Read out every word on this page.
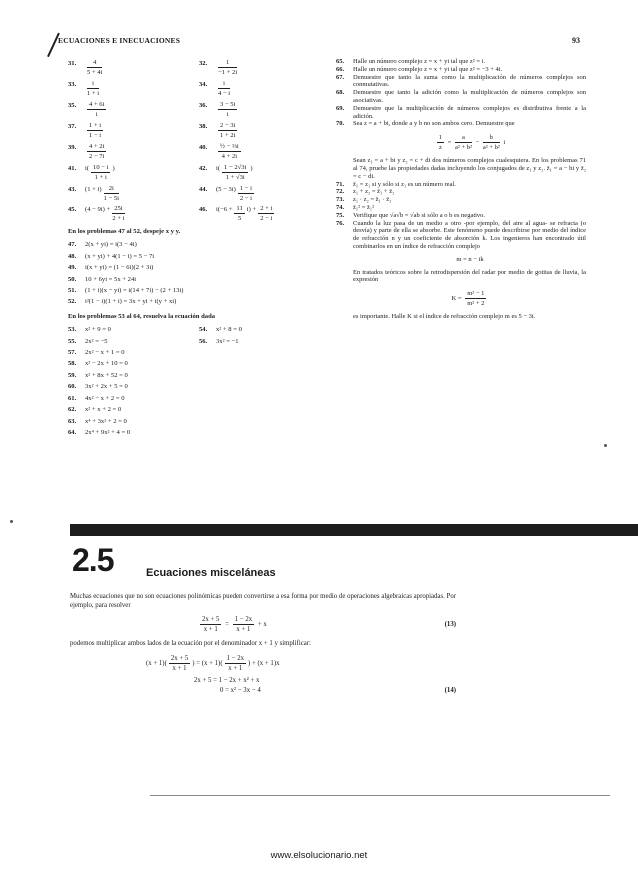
ECUACIONES E INECUACIONES	93
31.	$\frac{4}{5 + 4i}$	32.	$\frac{1}{-1 + 2i}$
33.	$\frac{i}{1 + i}$	34.	$\frac{i}{4 - i}$
35.	$\frac{4 + 6i}{i}$	36.	$\frac{3 - 5i}{i}$
37.	$\frac{1 + i}{1 - i}$	38.	$\frac{2 - 3i}{1 + 2i}$
39.	$\frac{4 + 2i}{2 - 7i}$	40.	$\frac{\text{½ − ⅔i}}{4 + 2i}$
41.	$i( \frac{10 - i}{1 + i}$ )	42.	$i( \frac{1 - 2√3i}{1 + √3i}$ )
43.	$(1 + i) \frac{2i}{1 - 5i}$	44.	$(5 - 3i) \frac{1 - i}{2 - i}$
45.	$(4 - 9i) + \frac{25i}{2 + i}$	46.	$i(-6 + \frac{11}{5} i) + \frac{2 + i}{2 - i}$
En los problemas 47 al 52, despeje x y y.
47.	2(x + yi) = i(3 − 4i)
48.	(x + yi) + 4(1 − i) = 5 − 7i
49.	i(x + yi) = (1 − 6i)(2 + 3i)
50.	10 + 6yi = 5x + 24i
51.	(1 + i)(x − yi) = i(14 + 7i) − (2 + 13i)
52.	i²(1 − i)(1 + i) = 3x + yi + i(y + xi)
En los problemas 53 al 64, resuelva la ecuación dada
53.	x² + 9 = 0	54.	x² + 8 = 0
55.	2x² = −5	56.	3x² = −1
57.	2x² − x + 1 = 0
58.	x² − 2x + 10 = 0
59.	x² + 8x + 52 = 0
60.	3x² + 2x + 5 = 0
61.	4x² − x + 2 = 0
62.	x² + x + 2 = 0
63.	x⁴ + 3x² + 2 = 0
64.	2x⁴ + 9x² + 4 = 0
65.	Halle un número complejo z = x + yi tal que z² = i.
66.	Halle un número complejo z = x + yi tal que z² = −3 + 4i.
67.	Demuestre que tanto la suma como la multiplicación de números complejos son conmutativas.
68.	Demuestre que tanto la adición como la multiplicación de números complejos son asociativas.
69.	Demuestre que la multiplicación de números complejos es distributiva frente a la adición.
70.	Sea z = a + bi, donde a y b no son ambos cero. Demuestre que
$\frac{1}{z} = \frac{a}{\text{a² + b²}} - \frac{b}{\text{a² + b²}}$ i
Sean z₁ = a + bi y z₂ = c + di dos números complejos cualesquiera. En los problemas 71 al 74, pruebe las propiedades dadas incluyendo los conjugados de z₁ y z₂. z̄₁ = a − bi y z̄₂ = c − di.
71.	z̄₁ = z₁ si y sólo si z₁ es un número real.
72.	z₁ + z₂ = z̄₁ + z̄₂
73.	z₁ · z₂ = z̄₁ · z̄₂
74.	z̄₁² = z̄₁²
75.	Verifique que √a√b = √ab si sólo a o b es negativo.
76.	Cuando la luz pasa de un medio a otro -por ejemplo, del aire al agua- se refracta (o desvía) y parte de ella se absorbe. Este fenómeno puede describirse por medio del índice de refracción n y un coeficiente de absorción k. Los ingenieros han encontrado útil combinarlos en un índice de refracción complejo
m = n − ik
En tratados teóricos sobre la retrodispersión del radar por medio de gotitas de lluvia, la expresión
$K = \frac{\text{m² − 1}}{\text{m² + 2}}$
es importante. Halle K si el índice de refracción complejo m es 5 − 3i.
2.5	Ecuaciones misceláneas
Muchas ecuaciones que no son ecuaciones polinómicas pueden convertirse a esa forma por medio de operaciones algebraicas apropiadas. Por ejemplo, para resolver
$\frac{2x + 5}{x + 1} = \frac{1 - 2x}{x + 1} + x$	(13)
podemos multiplicar ambos lados de la ecuación por el denominador x + 1 y simplificar:
$(x + 1)( \frac{2x + 5}{x + 1}$ ) = $(x + 1)( \frac{1 - 2x}{x + 1}$ ) + (x + 1)x
2x + 5 = 1 − 2x + x² + x
0 = x² − 3x − 4	(14)
www.elsolucionario.net
